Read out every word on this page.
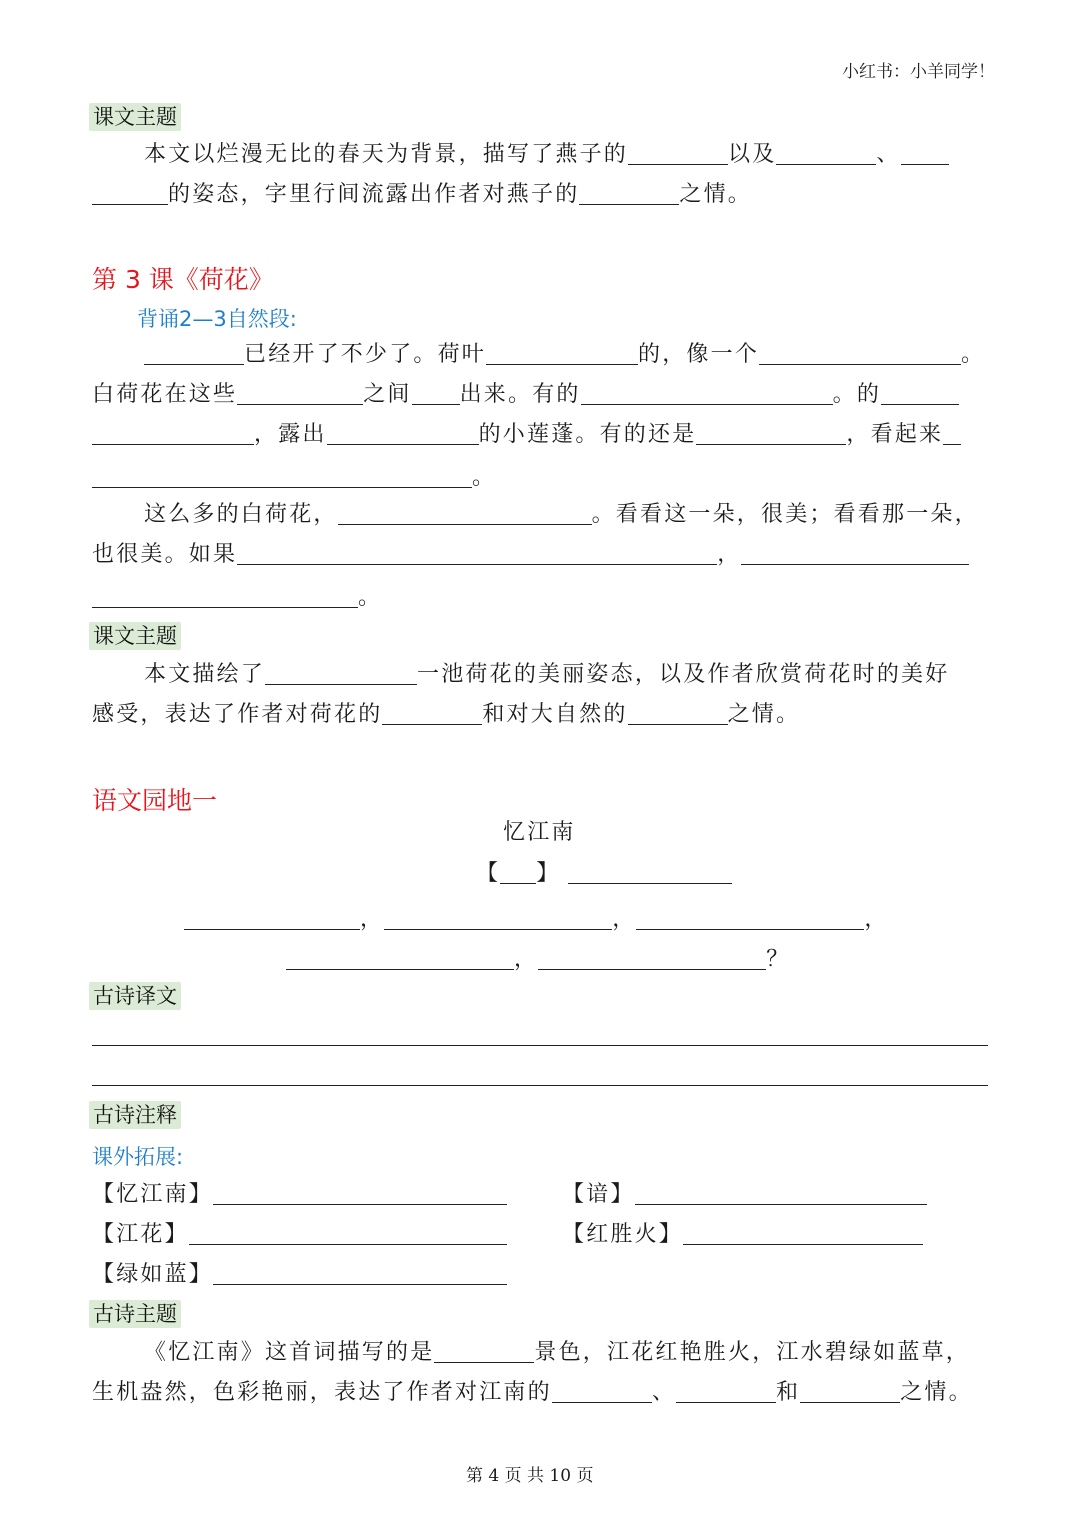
小红书：小羊同学！
课文主题
本文以烂漫无比的春天为背景，描写了燕子的	以及	、
的姿态，字里行间流露出作者对燕子的	之情。
第 3 课《荷花》
背诵2—3自然段:
已经开了不少了。荷叶	的，像一个	。
白荷花在这些	之间 出来。有的	。的
，露出	的小莲蓬。有的还是	，看起来
。
这么多的白荷花，	。看看这一朵，很美；看看那一朵，
也很美。如果	，
。
课文主题
本文描绘了	一池荷花的美丽姿态，以及作者欣赏荷花时的美好
感受，表达了作者对荷花的	和对大自然的	之情。
语文园地一
忆江南
【 】
，	，	，
，	？
古诗译文
古诗注释
课外拓展:
【忆江南】	【谙】
【江花】	【红胜火】
【绿如蓝】
古诗主题
《忆江南》这首词描写的是	景色，江花红艳胜火，江水碧绿如蓝草，
生机盎然，色彩艳丽，表达了作者对江南的	、	和	之情。
第 4 页 共 10 页
